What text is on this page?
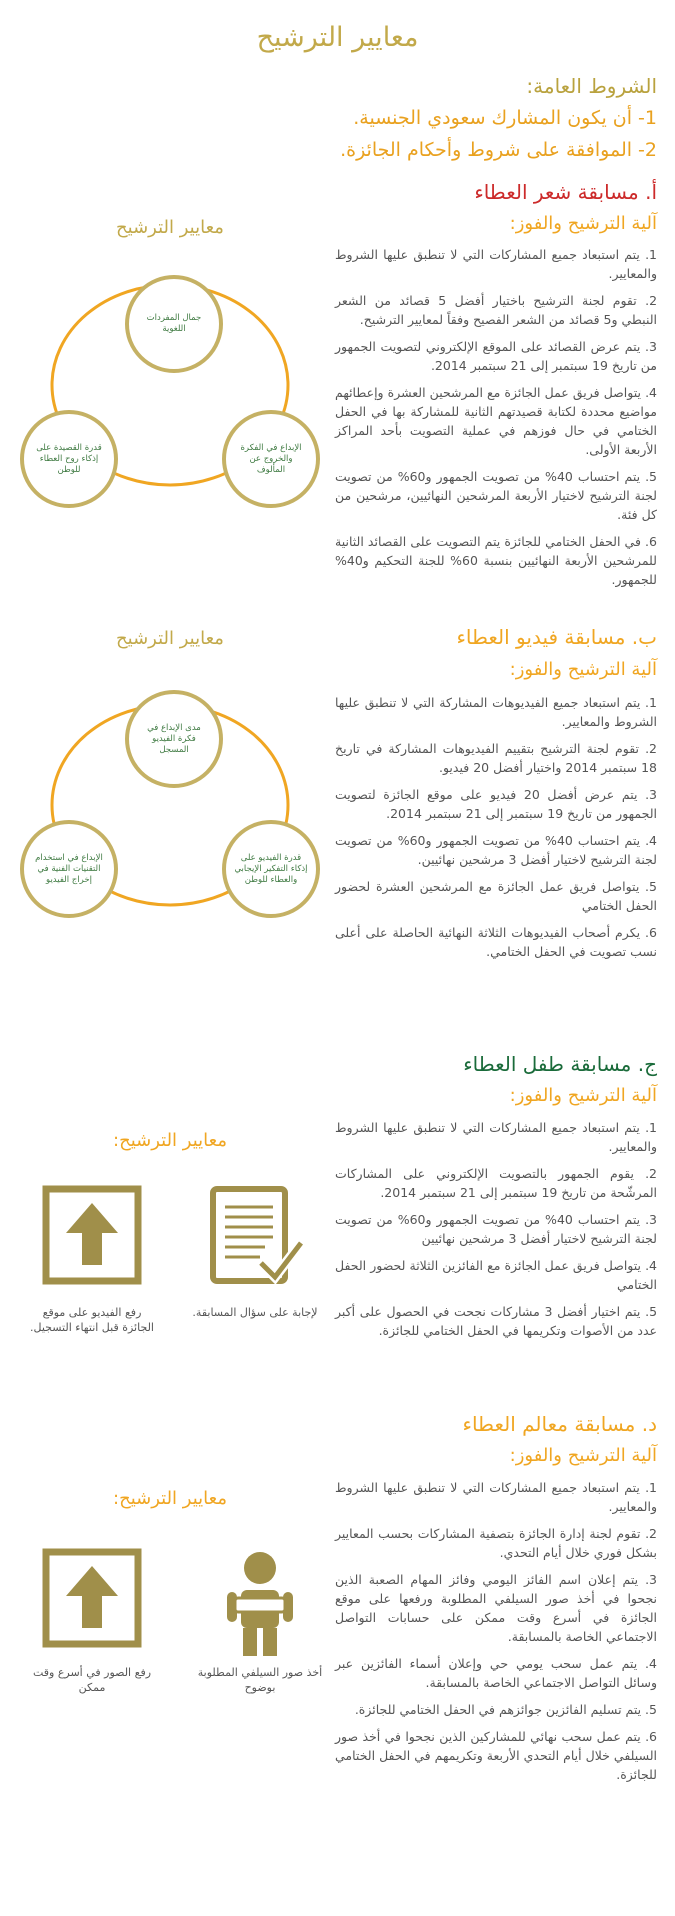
معايير الترشيح
الشروط العامة:
1- أن يكون المشارك سعودي الجنسية.
2- الموافقة على شروط وأحكام الجائزة.
أ. مسابقة شعر العطاء
آلية الترشيح والفوز:
1. يتم استبعاد جميع المشاركات التي لا تنطبق عليها الشروط والمعايير.
2. تقوم لجنة الترشيح باختيار أفضل 5 قصائد من الشعر النبطي و5 قصائد من الشعر الفصيح وفقاً لمعايير الترشيح.
3. يتم عرض القصائد على الموقع الإلكتروني لتصويت الجمهور من تاريخ 19 سبتمبر إلى 21 سبتمبر 2014.
4. يتواصل فريق عمل الجائزة مع المرشحين العشرة وإعطائهم مواضيع محددة لكتابة قصيدتهم الثانية للمشاركة بها في الحفل الختامي في حال فوزهم في عملية التصويت بأحد المراكز الأربعة الأولى.
5. يتم احتساب 40% من تصويت الجمهور و60% من تصويت لجنة الترشيح لاختيار الأربعة المرشحين النهائيين، مرشحين من كل فئة.
6. في الحفل الختامي للجائزة يتم التصويت على القصائد الثانية للمرشحين الأربعة النهائيين بنسبة 60% للجنة التحكيم و40% للجمهور.
معايير الترشيح
جمال المفردات اللغوية
الإبداع في الفكرة والخروج عن المألوف
قدرة القصيدة على إذكاء روح العطاء للوطن
ب. مسابقة فيديو العطاء
آلية الترشيح والفوز:
1. يتم استبعاد جميع الفيديوهات المشاركة التي لا تنطبق عليها الشروط والمعايير.
2. تقوم لجنة الترشيح بتقييم الفيديوهات المشاركة في تاريخ 18 سبتمبر 2014 واختيار أفضل 20 فيديو.
3. يتم عرض أفضل 20 فيديو على موقع الجائزة لتصويت الجمهور من تاريخ 19 سبتمبر إلى 21 سبتمبر 2014.
4. يتم احتساب 40% من تصويت الجمهور و60% من تصويت لجنة الترشيح لاختيار أفضل 3 مرشحين نهائيين.
5. يتواصل فريق عمل الجائزة مع المرشحين العشرة لحضور الحفل الختامي
6. يكرم أصحاب الفيديوهات الثلاثة النهائية الحاصلة على أعلى نسب تصويت في الحفل الختامي.
معايير الترشيح
مدى الإبداع في فكرة الفيديو المسجل
قدرة الفيديو على إذكاء التفكير الإيجابي والعطاء للوطن
الإبداع في استخدام التقنيات الفنية في إخراج الفيديو
ج. مسابقة طفل العطاء
آلية الترشيح والفوز:
1. يتم استبعاد جميع المشاركات التي لا تنطبق عليها الشروط والمعايير.
2. يقوم الجمهور بالتصويت الإلكتروني على المشاركات المرشّحة من تاريخ 19 سبتمبر إلى 21 سبتمبر 2014.
3. يتم احتساب 40% من تصويت الجمهور و60% من تصويت لجنة الترشيح لاختيار أفضل 3 مرشحين نهائيين
4. يتواصل فريق عمل الجائزة مع الفائزين الثلاثة لحضور الحفل الختامي
5. يتم اختيار أفضل 3 مشاركات نجحت في الحصول على أكبر عدد من الأصوات وتكريمها في الحفل الختامي للجائزة.
معايير الترشيح:
لإجابة على سؤال المسابقة.
رفع الفيديو على موقع الجائزة قبل انتهاء التسجيل.
د. مسابقة معالم العطاء
آلية الترشيح والفوز:
1. يتم استبعاد جميع المشاركات التي لا تنطبق عليها الشروط والمعايير.
2. تقوم لجنة إدارة الجائزة بتصفية المشاركات بحسب المعايير بشكل فوري خلال أيام التحدي.
3. يتم إعلان اسم الفائز اليومي وفائز المهام الصعبة الذين نجحوا في أخذ صور السيلفي المطلوبة ورفعها على موقع الجائزة في أسرع وقت ممكن على حسابات التواصل الاجتماعي الخاصة بالمسابقة.
4. يتم عمل سحب يومي حي وإعلان أسماء الفائزين عبر وسائل التواصل الاجتماعي الخاصة بالمسابقة.
5. يتم تسليم الفائزين جوائزهم في الحفل الختامي للجائزة.
6. يتم عمل سحب نهائي للمشاركين الذين نجحوا في أخذ صور السيلفي خلال أيام التحدي الأربعة وتكريمهم في الحفل الختامي للجائزة.
معايير الترشيح:
أخذ صور السيلفي المطلوبة بوضوح
رفع الصور في أسرع وقت ممكن
